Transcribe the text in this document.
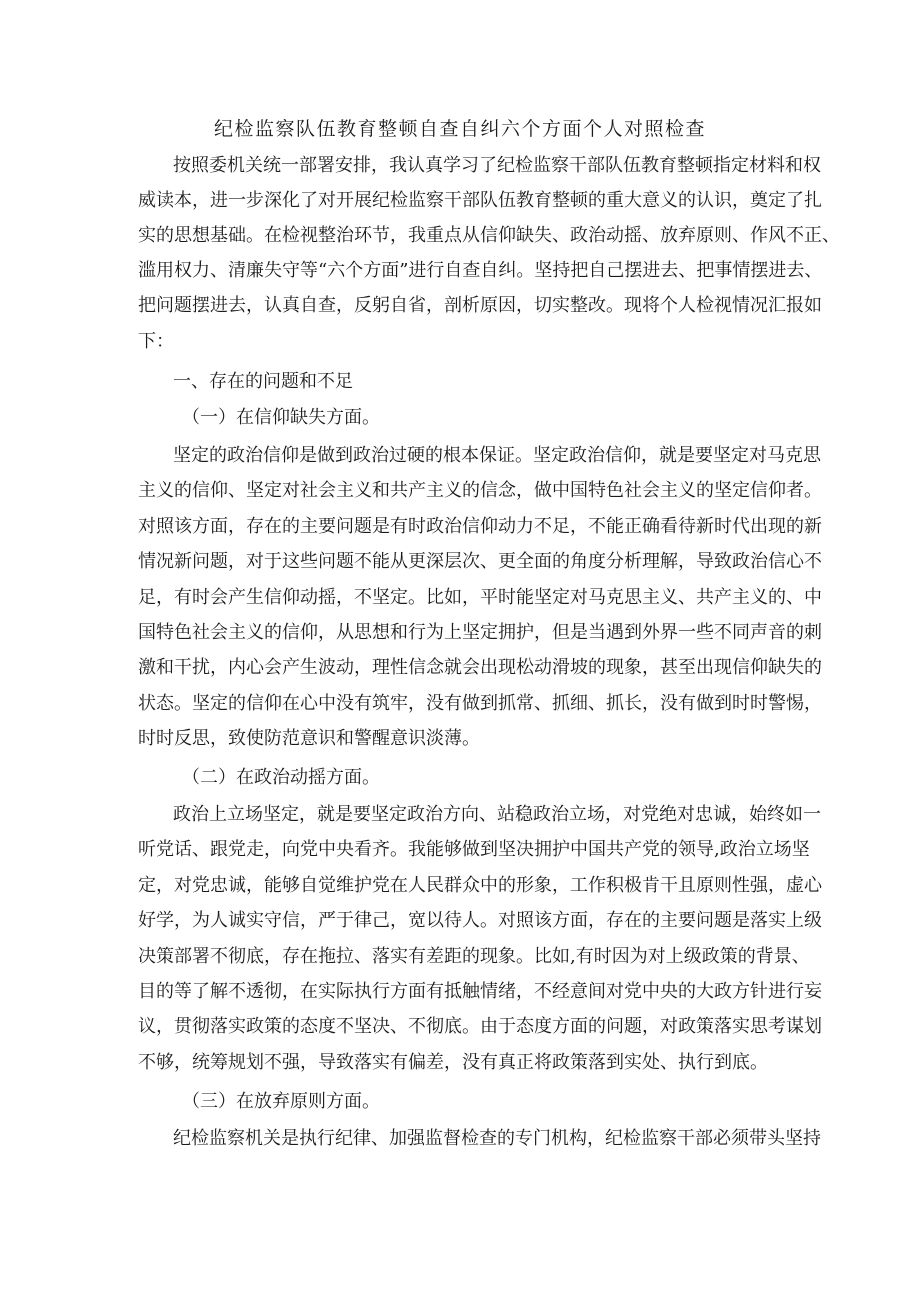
纪检监察队伍教育整顿自查自纠六个方面个人对照检查
按照委机关统一部署安排，我认真学习了纪检监察干部队伍教育整顿指定材料和权
威读本，进一步深化了对开展纪检监察干部队伍教育整顿的重大意义的认识，奠定了扎
实的思想基础。在检视整治环节，我重点从信仰缺失、政治动摇、放弃原则、作风不正、
滥用权力、清廉失守等“六个方面”进行自查自纠。坚持把自己摆进去、把事情摆进去、
把问题摆进去，认真自查，反躬自省，剖析原因，切实整改。现将个人检视情况汇报如
下：
一、存在的问题和不足
（一）在信仰缺失方面。
坚定的政治信仰是做到政治过硬的根本保证。坚定政治信仰，就是要坚定对马克思
主义的信仰、坚定对社会主义和共产主义的信念，做中国特色社会主义的坚定信仰者。
对照该方面，存在的主要问题是有时政治信仰动力不足，不能正确看待新时代出现的新
情况新问题，对于这些问题不能从更深层次、更全面的角度分析理解，导致政治信心不
足，有时会产生信仰动摇，不坚定。比如，平时能坚定对马克思主义、共产主义的、中
国特色社会主义的信仰，从思想和行为上坚定拥护，但是当遇到外界一些不同声音的刺
激和干扰，内心会产生波动，理性信念就会出现松动滑坡的现象，甚至出现信仰缺失的
状态。坚定的信仰在心中没有筑牢，没有做到抓常、抓细、抓长，没有做到时时警惕，
时时反思，致使防范意识和警醒意识淡薄。
（二）在政治动摇方面。
政治上立场坚定，就是要坚定政治方向、站稳政治立场，对党绝对忠诚，始终如一
听党话、跟党走，向党中央看齐。我能够做到坚决拥护中国共产党的领导,政治立场坚
定，对党忠诚，能够自觉维护党在人民群众中的形象，工作积极肯干且原则性强，虚心
好学，为人诚实守信，严于律己，宽以待人。对照该方面，存在的主要问题是落实上级
决策部署不彻底，存在拖拉、落实有差距的现象。比如,有时因为对上级政策的背景、
目的等了解不透彻，在实际执行方面有抵触情绪，不经意间对党中央的大政方针进行妄
议，贯彻落实政策的态度不坚决、不彻底。由于态度方面的问题，对政策落实思考谋划
不够，统筹规划不强，导致落实有偏差，没有真正将政策落到实处、执行到底。
（三）在放弃原则方面。
纪检监察机关是执行纪律、加强监督检查的专门机构，纪检监察干部必须带头坚持
